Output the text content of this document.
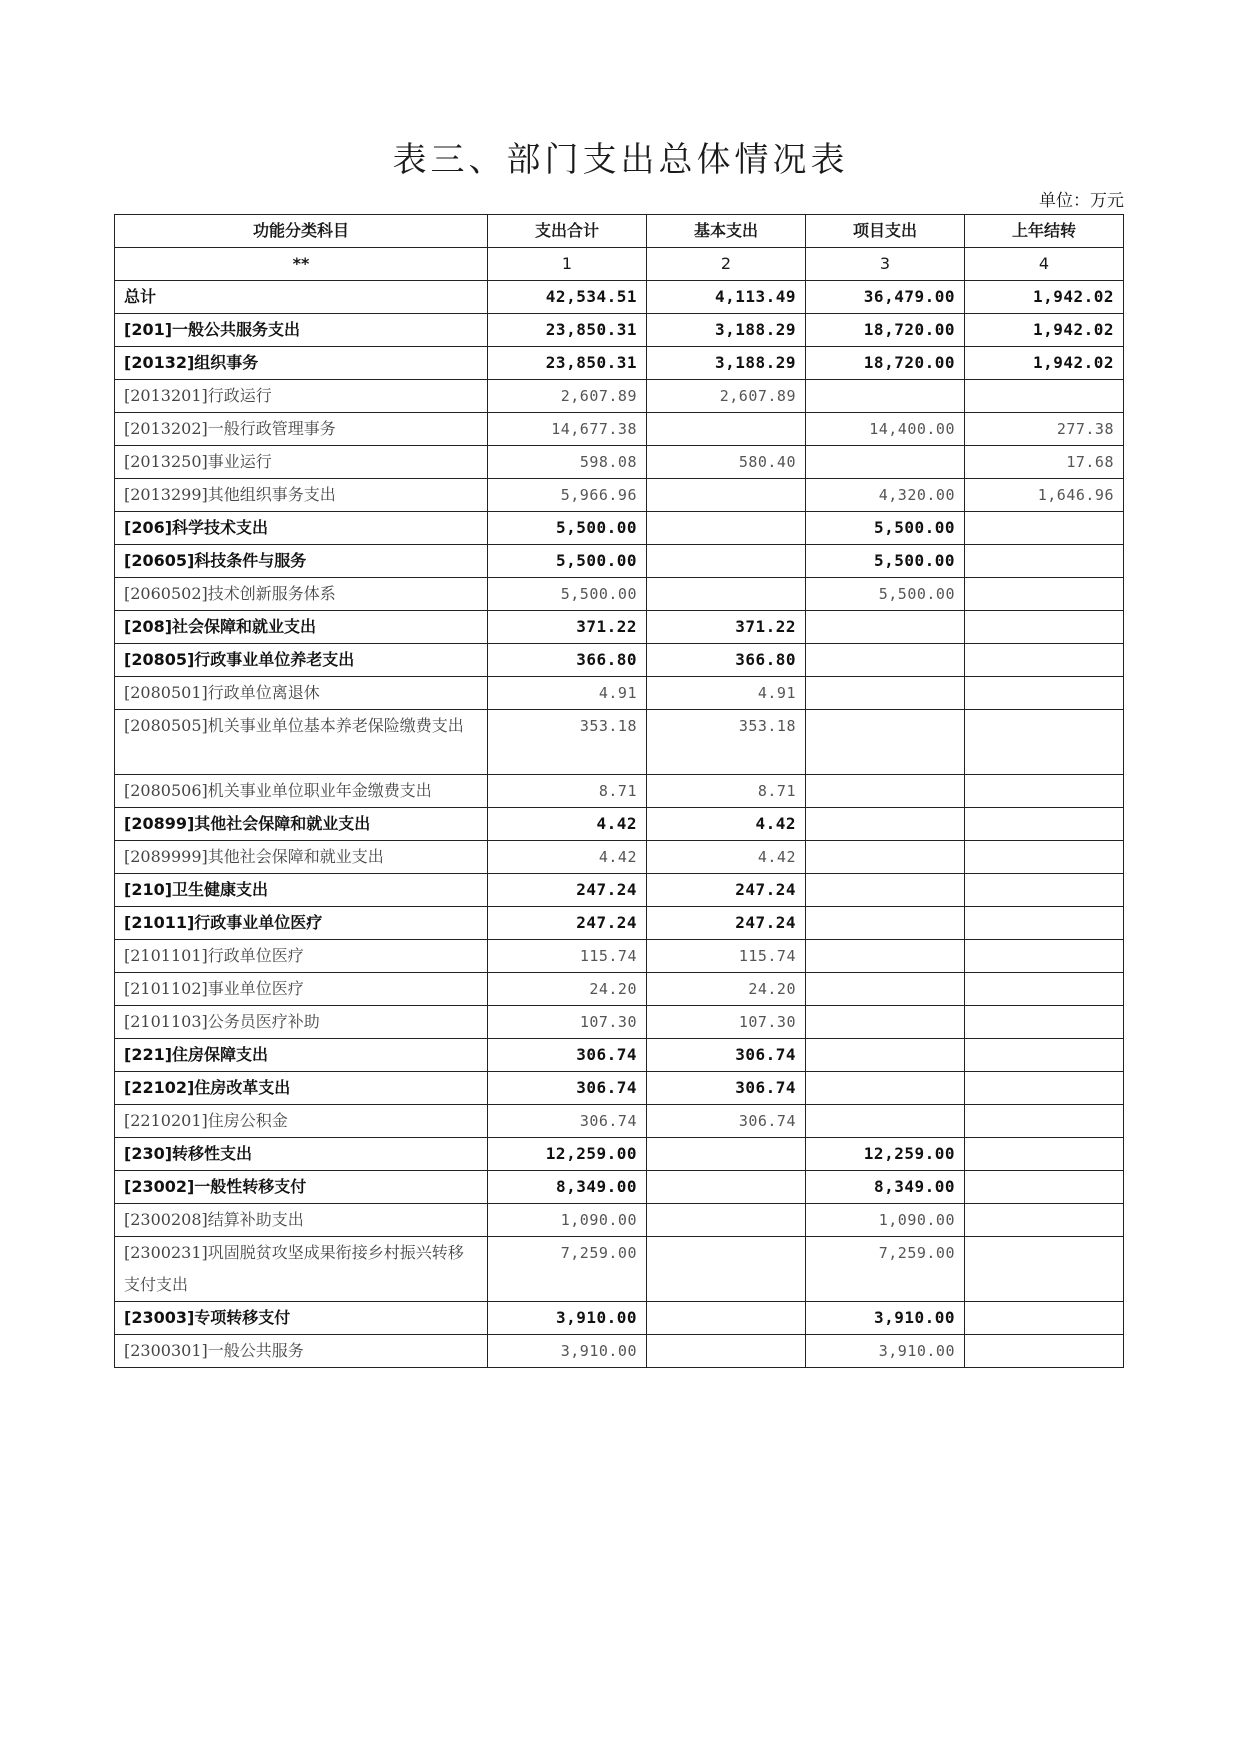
表三、部门支出总体情况表
单位：万元
功能分类科目	支出合计	基本支出	项目支出	上年结转
**	1	2	3	4
总计	42,534.51	4,113.49	36,479.00	1,942.02
[201]一般公共服务支出	23,850.31	3,188.29	18,720.00	1,942.02
[20132]组织事务	23,850.31	3,188.29	18,720.00	1,942.02
[2013201]行政运行	2,607.89	2,607.89		
[2013202]一般行政管理事务	14,677.38		14,400.00	277.38
[2013250]事业运行	598.08	580.40		17.68
[2013299]其他组织事务支出	5,966.96		4,320.00	1,646.96
[206]科学技术支出	5,500.00		5,500.00	
[20605]科技条件与服务	5,500.00		5,500.00	
[2060502]技术创新服务体系	5,500.00		5,500.00	
[208]社会保障和就业支出	371.22	371.22		
[20805]行政事业单位养老支出	366.80	366.80		
[2080501]行政单位离退休	4.91	4.91		
[2080505]机关事业单位基本养老保险缴费支出	353.18	353.18		
[2080506]机关事业单位职业年金缴费支出	8.71	8.71		
[20899]其他社会保障和就业支出	4.42	4.42		
[2089999]其他社会保障和就业支出	4.42	4.42		
[210]卫生健康支出	247.24	247.24		
[21011]行政事业单位医疗	247.24	247.24		
[2101101]行政单位医疗	115.74	115.74		
[2101102]事业单位医疗	24.20	24.20		
[2101103]公务员医疗补助	107.30	107.30		
[221]住房保障支出	306.74	306.74		
[22102]住房改革支出	306.74	306.74		
[2210201]住房公积金	306.74	306.74		
[230]转移性支出	12,259.00		12,259.00	
[23002]一般性转移支付	8,349.00		8,349.00	
[2300208]结算补助支出	1,090.00		1,090.00	
[2300231]巩固脱贫攻坚成果衔接乡村振兴转移支付支出	7,259.00		7,259.00	
[23003]专项转移支付	3,910.00		3,910.00	
[2300301]一般公共服务	3,910.00		3,910.00	
